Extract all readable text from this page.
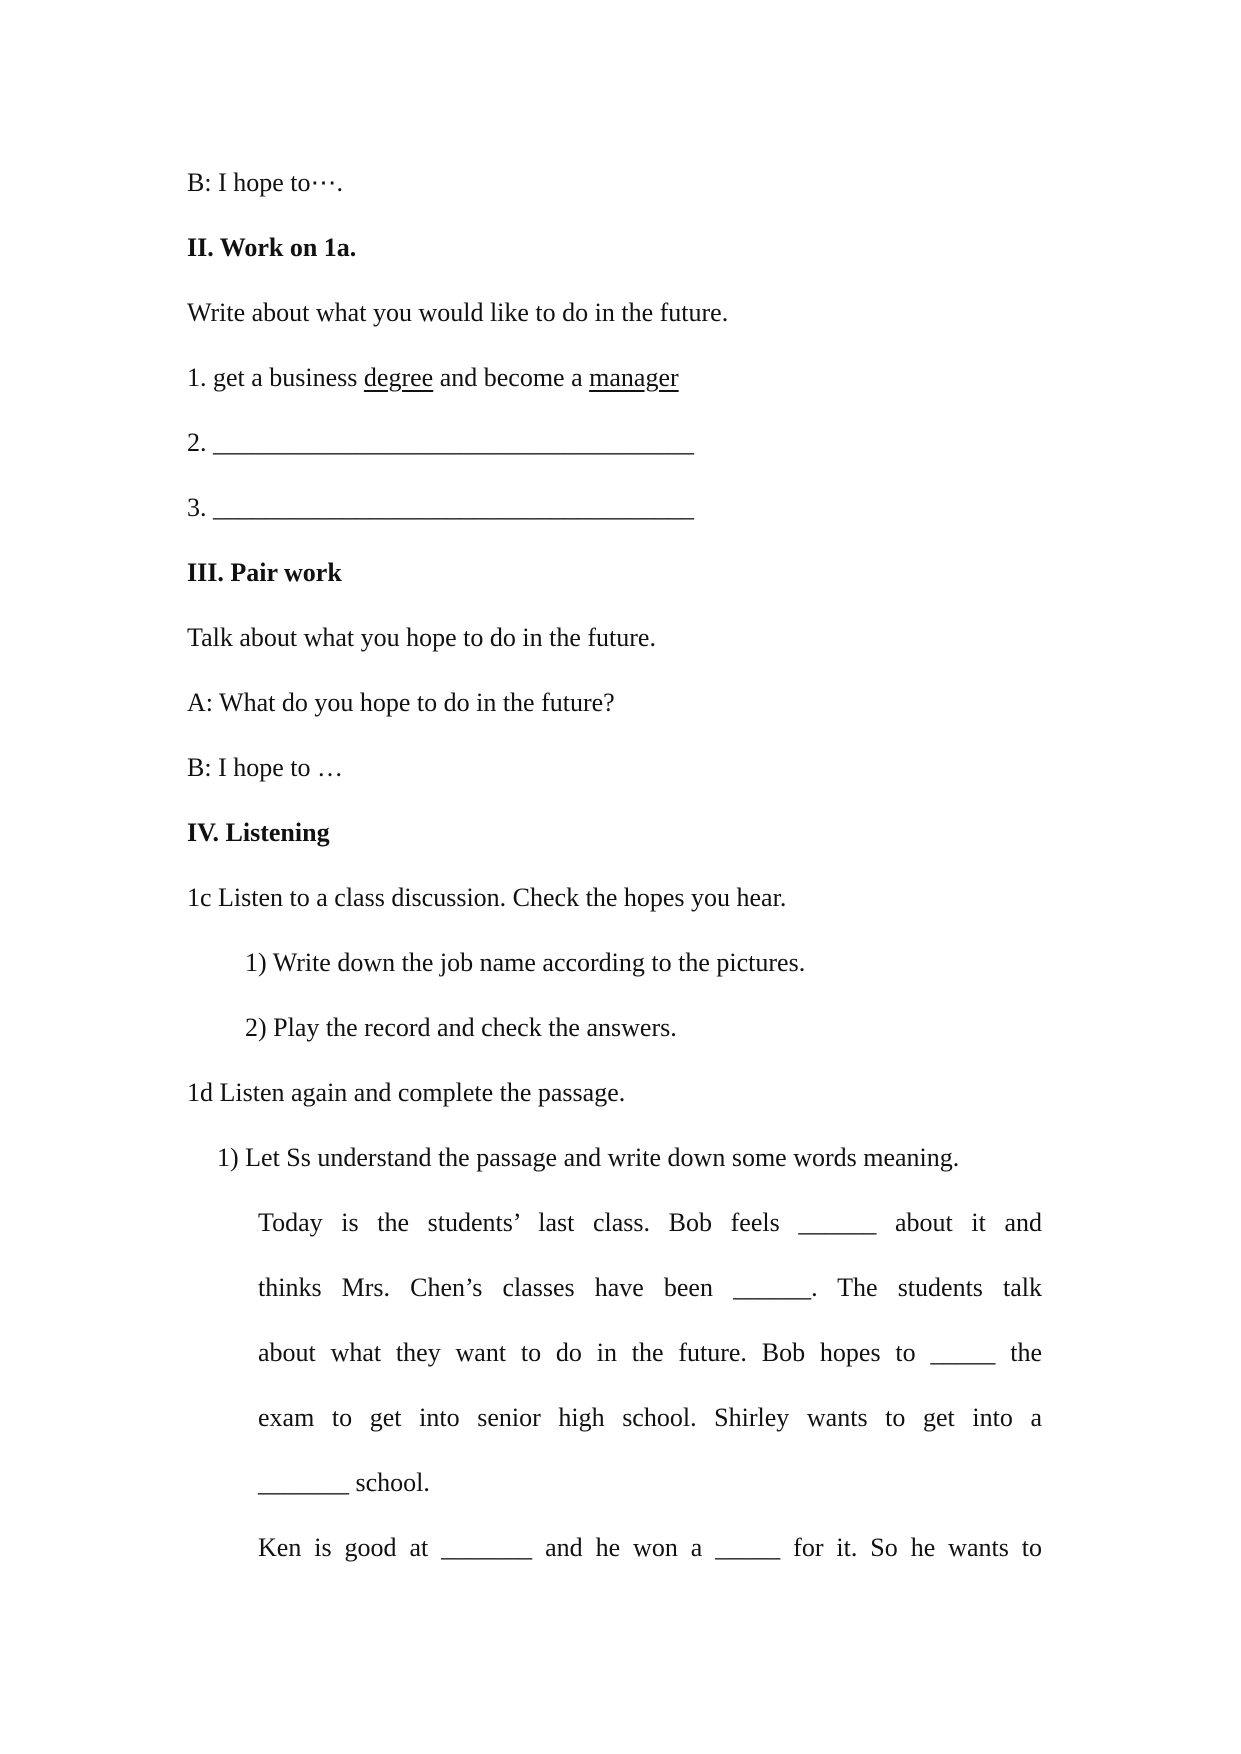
B: I hope to⋯.
II. Work on 1a.
Write about what you would like to do in the future.
1. get a business degree and become a manager
2. _____________________________________
3. _____________________________________
III. Pair work
Talk about what you hope to do in the future.
A: What do you hope to do in the future?
B: I hope to …
IV. Listening
1c Listen to a class discussion. Check the hopes you hear.
1) Write down the job name according to the pictures.
2) Play the record and check the answers.
1d Listen again and complete the passage.
1) Let Ss understand the passage and write down some words meaning.
Today is the students’ last class. Bob feels ______ about it and
thinks Mrs. Chen’s classes have been ______. The students talk
about what they want to do in the future. Bob hopes to _____ the
exam to get into senior high school. Shirley wants to get into a
_______ school.
Ken is good at _______ and he won a _____ for it. So he wants to
